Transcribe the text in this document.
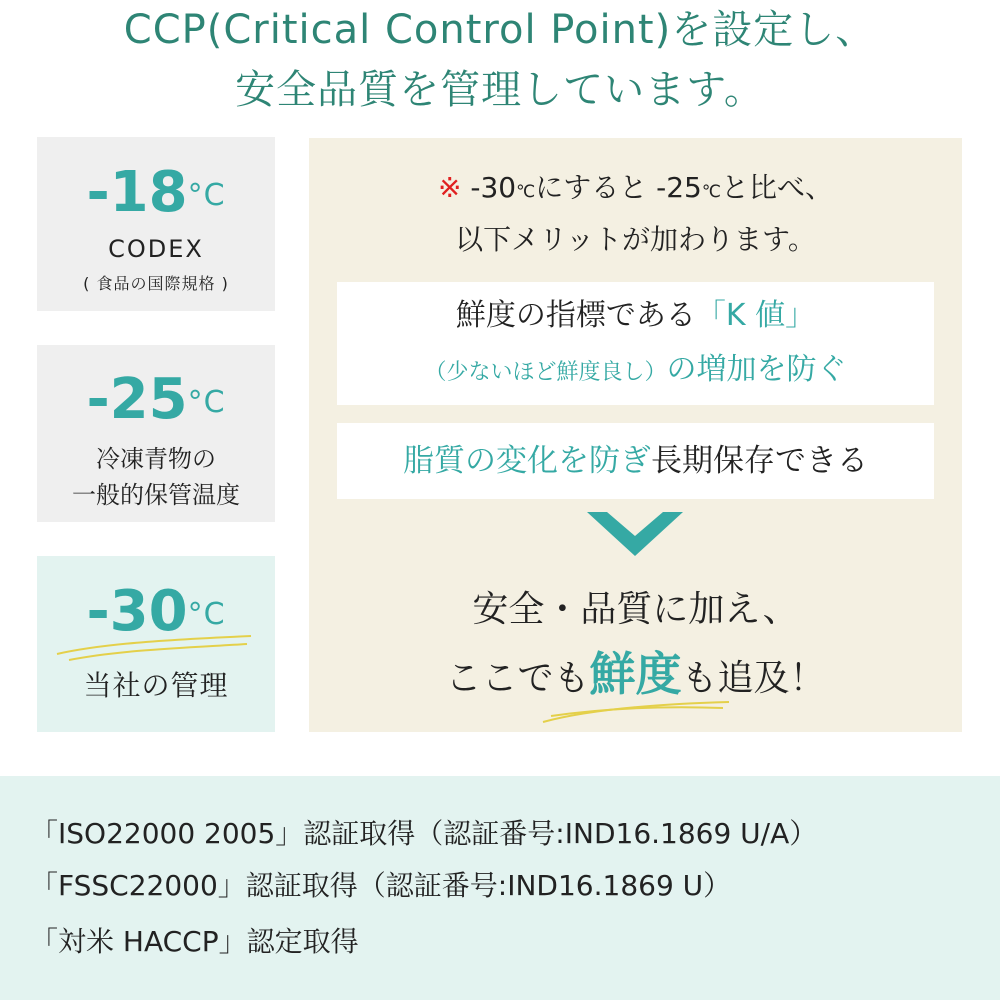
CCP(Critical Control Point)を設定し、
安全品質を管理しています。
-18°C
CODEX
( 食品の国際規格 )
-25°C
冷凍青物の
一般的保管温度
-30°C
当社の管理
※ -30℃にすると -25℃と比べ、
以下メリットが加わります。
鮮度の指標である「K 値」
（少ないほど鮮度良し）の増加を防ぐ
脂質の変化を防ぎ長期保存できる
安全・品質に加え、
ここでも鮮度も追及！
「ISO22000 2005」認証取得（認証番号:IND16.1869 U/A）
「FSSC22000」認証取得（認証番号:IND16.1869 U）
「対米 HACCP」認定取得
